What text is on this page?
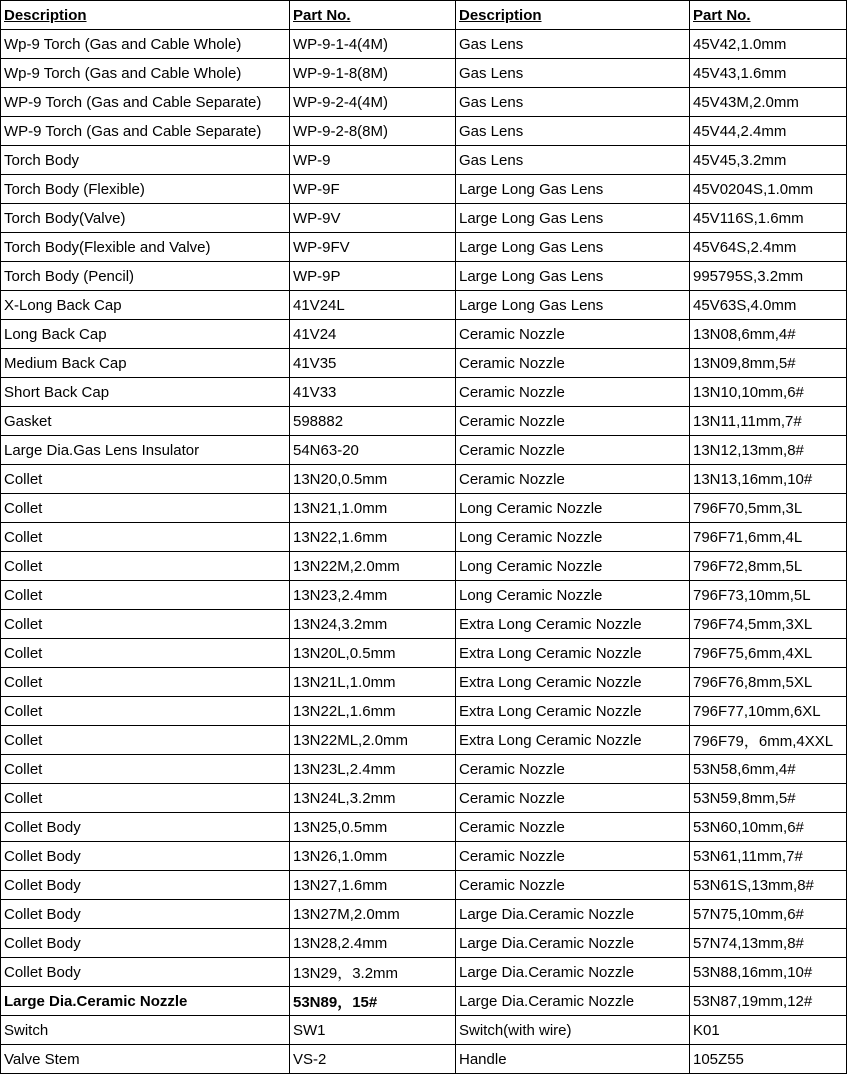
Description	Part No.	Description	Part No.
Wp-9 Torch (Gas and Cable Whole)	WP-9-1-4(4M)	Gas Lens	45V42,1.0mm
Wp-9 Torch (Gas and Cable Whole)	WP-9-1-8(8M)	Gas Lens	45V43,1.6mm
WP-9 Torch (Gas and Cable Separate)	WP-9-2-4(4M)	Gas Lens	45V43M,2.0mm
WP-9 Torch (Gas and Cable Separate)	WP-9-2-8(8M)	Gas Lens	45V44,2.4mm
Torch Body	WP-9	Gas Lens	45V45,3.2mm
Torch Body (Flexible)	WP-9F	Large Long Gas Lens	45V0204S,1.0mm
Torch Body(Valve)	WP-9V	Large Long Gas Lens	45V116S,1.6mm
Torch Body(Flexible and Valve)	WP-9FV	Large Long Gas Lens	45V64S,2.4mm
Torch Body (Pencil)	WP-9P	Large Long Gas Lens	995795S,3.2mm
X-Long Back Cap	41V24L	Large Long Gas Lens	45V63S,4.0mm
Long Back Cap	41V24	Ceramic Nozzle	13N08,6mm,4#
Medium Back Cap	41V35	Ceramic Nozzle	13N09,8mm,5#
Short Back Cap	41V33	Ceramic Nozzle	13N10,10mm,6#
Gasket	598882	Ceramic Nozzle	13N11,11mm,7#
Large Dia.Gas Lens Insulator	54N63-20	Ceramic Nozzle	13N12,13mm,8#
Collet	13N20,0.5mm	Ceramic Nozzle	13N13,16mm,10#
Collet	13N21,1.0mm	Long Ceramic Nozzle	796F70,5mm,3L
Collet	13N22,1.6mm	Long Ceramic Nozzle	796F71,6mm,4L
Collet	13N22M,2.0mm	Long Ceramic Nozzle	796F72,8mm,5L
Collet	13N23,2.4mm	Long Ceramic Nozzle	796F73,10mm,5L
Collet	13N24,3.2mm	Extra Long Ceramic Nozzle	796F74,5mm,3XL
Collet	13N20L,0.5mm	Extra Long Ceramic Nozzle	796F75,6mm,4XL
Collet	13N21L,1.0mm	Extra Long Ceramic Nozzle	796F76,8mm,5XL
Collet	13N22L,1.6mm	Extra Long Ceramic Nozzle	796F77,10mm,6XL
Collet	13N22ML,2.0mm	Extra Long Ceramic Nozzle	796F79，6mm,4XXL
Collet	13N23L,2.4mm	Ceramic Nozzle	53N58,6mm,4#
Collet	13N24L,3.2mm	Ceramic Nozzle	53N59,8mm,5#
Collet Body	13N25,0.5mm	Ceramic Nozzle	53N60,10mm,6#
Collet Body	13N26,1.0mm	Ceramic Nozzle	53N61,11mm,7#
Collet Body	13N27,1.6mm	Ceramic Nozzle	53N61S,13mm,8#
Collet Body	13N27M,2.0mm	Large Dia.Ceramic Nozzle	57N75,10mm,6#
Collet Body	13N28,2.4mm	Large Dia.Ceramic Nozzle	57N74,13mm,8#
Collet Body	13N29，3.2mm	Large Dia.Ceramic Nozzle	53N88,16mm,10#
Large Dia.Ceramic Nozzle	53N89，15#	Large Dia.Ceramic Nozzle	53N87,19mm,12#
Switch	SW1	Switch(with wire)	K01
Valve Stem	VS-2	Handle	105Z55
